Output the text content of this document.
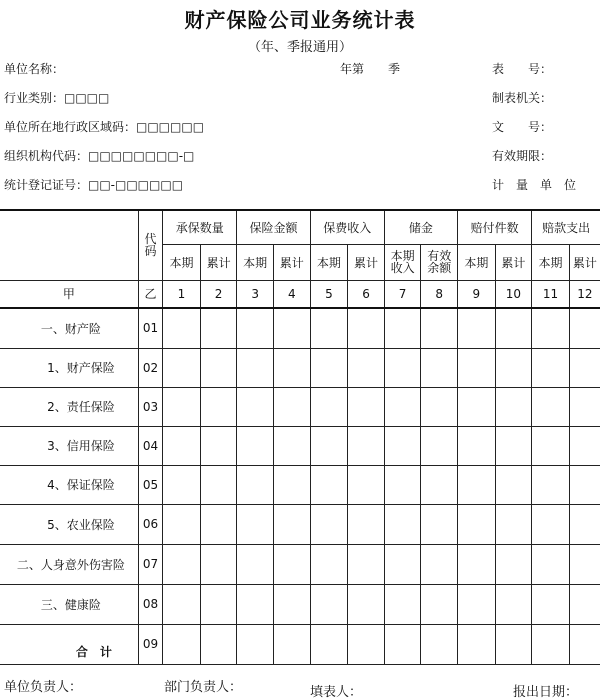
财产保险公司业务统计表
（年、季报通用）
单位名称：	年第　　季	表　　号：
行业类别：□□□□	制表机关：
单位所在地行政区域码：□□□□□□	文　　号：
组织机构代码：□□□□□□□□-□	有效期限：
统计登记证号：□□-□□□□□□	计　量　单　位
	代码	承保数量		保险金额		保费收入		储金		赔付件数		赔款支出	
		本期	累计	本期	累计	本期	累计	本期收入	有效余额	本期	累计	本期	累计
甲	乙	1	2	3	4	5	6	7	8	9	10	11	12
一、财产险	01												
1、财产保险	02												
2、责任保险	03												
3、信用保险	04												
4、保证保险	05												
5、农业保险	06												
二、人身意外伤害险	07												
三、健康险	08												
合　计	09												
单位负责人：	部门负责人：	填表人：	报出日期：
